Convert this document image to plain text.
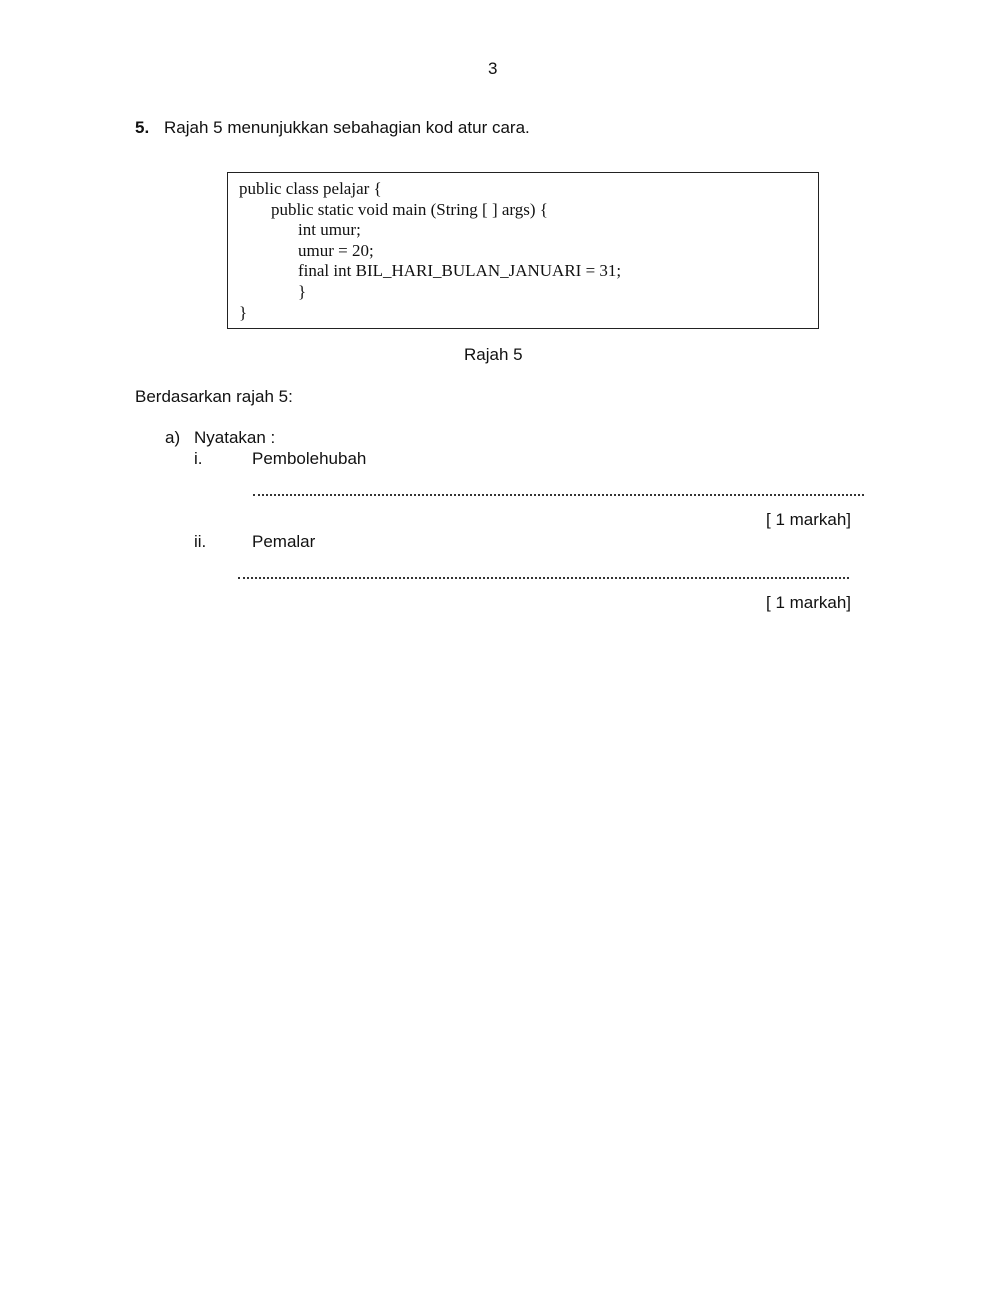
3
5. Rajah 5 menunjukkan sebahagian kod atur cara.
public class pelajar {
public static void main (String [ ] args) {
int umur;
umur = 20;
final int BIL_HARI_BULAN_JANUARI = 31;
}
}
Rajah 5
Berdasarkan rajah 5:
a) Nyatakan :
i.	Pembolehubah
[ 1 markah]
ii.	Pemalar
[ 1 markah]
